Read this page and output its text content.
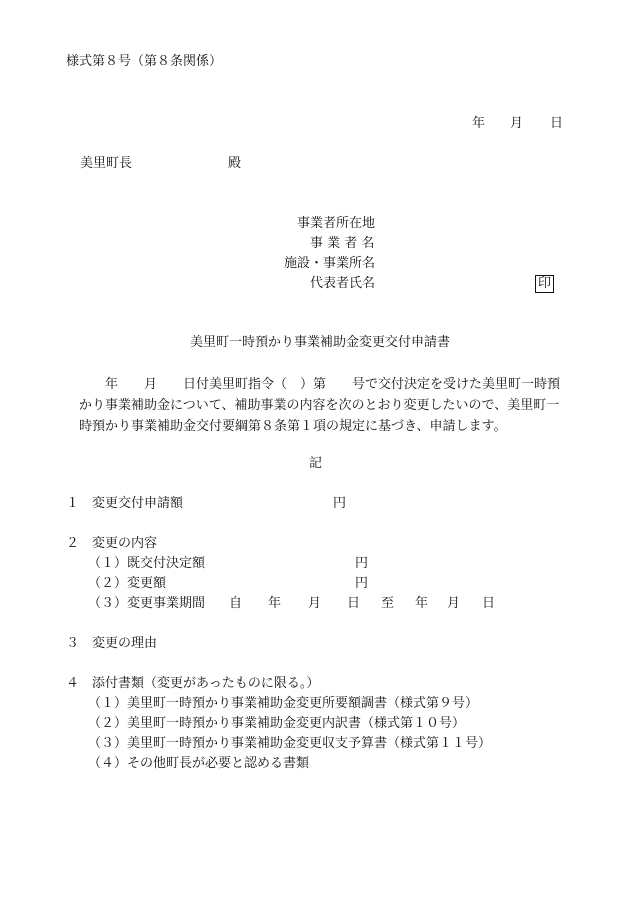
様式第８号（第８条関係）
年 月 日
美里町長	殿
事業者所在地
事 業 者 名
施設・事業所名
代表者氏名	印
美里町一時預かり事業補助金変更交付申請書
　　　年　　月　　日付美里町指令（　）第　　号で交付決定を受けた美里町一時預
　かり事業補助金について、補助事業の内容を次のとおり変更したいので、美里町一
　時預かり事業補助金交付要綱第８条第１項の規定に基づき、申請します。
記
１　変更交付申請額	円
２　変更の内容
（１）既交付決定額	円
（２）変更額	円
（３）変更事業期間 自 年 月 日 至 年 月 日
３　変更の理由
４　添付書類（変更があったものに限る。）
（１）美里町一時預かり事業補助金変更所要額調書（様式第９号）
（２）美里町一時預かり事業補助金変更内訳書（様式第１０号）
（３）美里町一時預かり事業補助金変更収支予算書（様式第１１号）
（４）その他町長が必要と認める書類
